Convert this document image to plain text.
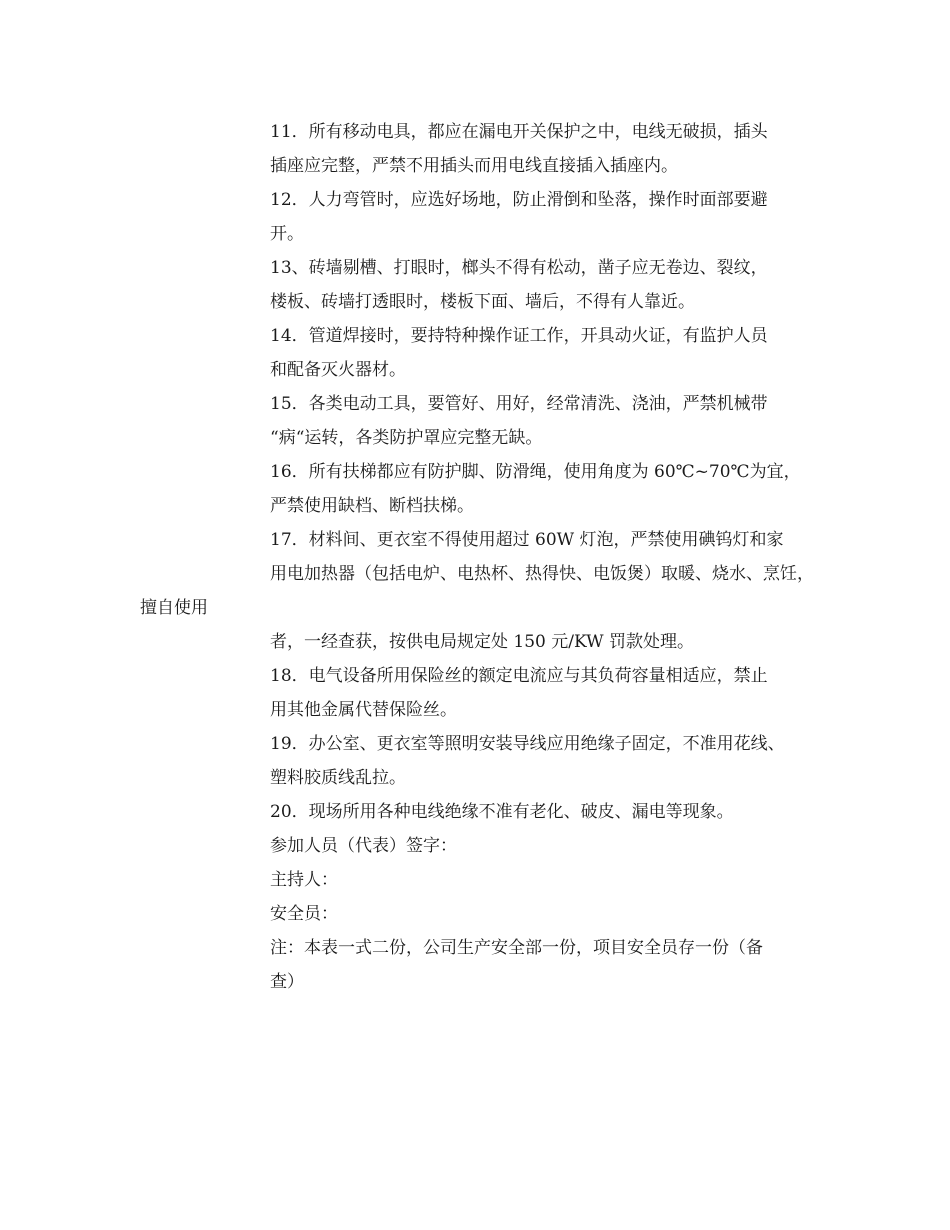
11．所有移动电具，都应在漏电开关保护之中，电线无破损，插头
插座应完整，严禁不用插头而用电线直接插入插座内。

12．人力弯管时，应选好场地，防止滑倒和坠落，操作时面部要避
开。

13、砖墙剔槽、打眼时，榔头不得有松动，凿子应无卷边、裂纹，
楼板、砖墙打透眼时，楼板下面、墙后，不得有人靠近。

14．管道焊接时，要持特种操作证工作，开具动火证，有监护人员
和配备灭火器材。

15．各类电动工具，要管好、用好，经常清洗、浇油，严禁机械带
“病“运转，各类防护罩应完整无缺。

16．所有扶梯都应有防护脚、防滑绳，使用角度为 60℃~70℃为宜，
严禁使用缺档、断档扶梯。

17．材料间、更衣室不得使用超过 60W 灯泡，严禁使用碘钨灯和家
用电加热器（包括电炉、电热杯、热得快、电饭煲）取暖、烧水、烹饪，擅自使用
者，一经查获，按供电局规定处 150 元/KW 罚款处理。

18．电气设备所用保险丝的额定电流应与其负荷容量相适应，禁止
用其他金属代替保险丝。

19．办公室、更衣室等照明安装导线应用绝缘子固定，不准用花线、
塑料胶质线乱拉。

20．现场所用各种电线绝缘不准有老化、破皮、漏电等现象。

参加人员（代表）签字：

主持人：

安全员：

注：本表一式二份，公司生产安全部一份，项目安全员存一份（备
查）
